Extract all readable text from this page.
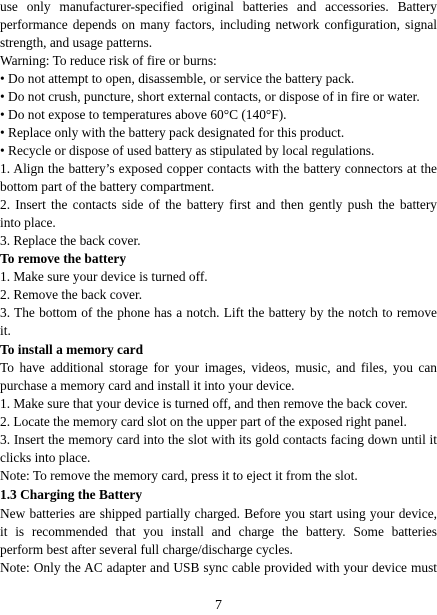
use only manufacturer-specified original batteries and accessories. Battery
performance depends on many factors, including network configuration, signal
strength, and usage patterns.
Warning: To reduce risk of fire or burns:
• Do not attempt to open, disassemble, or service the battery pack.
• Do not crush, puncture, short external contacts, or dispose of in fire or water.
• Do not expose to temperatures above 60°C (140°F).
• Replace only with the battery pack designated for this product.
• Recycle or dispose of used battery as stipulated by local regulations.
1. Align the battery’s exposed copper contacts with the battery connectors at the
bottom part of the battery compartment.
2. Insert the contacts side of the battery first and then gently push the battery
into place.
3. Replace the back cover.
To remove the battery
1. Make sure your device is turned off.
2. Remove the back cover.
3. The bottom of the phone has a notch. Lift the battery by the notch to remove
it.
To install a memory card
To have additional storage for your images, videos, music, and files, you can
purchase a memory card and install it into your device.
1. Make sure that your device is turned off, and then remove the back cover.
2. Locate the memory card slot on the upper part of the exposed right panel.
3. Insert the memory card into the slot with its gold contacts facing down until it
clicks into place.
Note: To remove the memory card, press it to eject it from the slot.
1.3 Charging the Battery
New batteries are shipped partially charged. Before you start using your device,
it is recommended that you install and charge the battery. Some batteries
perform best after several full charge/discharge cycles.
Note: Only the AC adapter and USB sync cable provided with your device must
7
